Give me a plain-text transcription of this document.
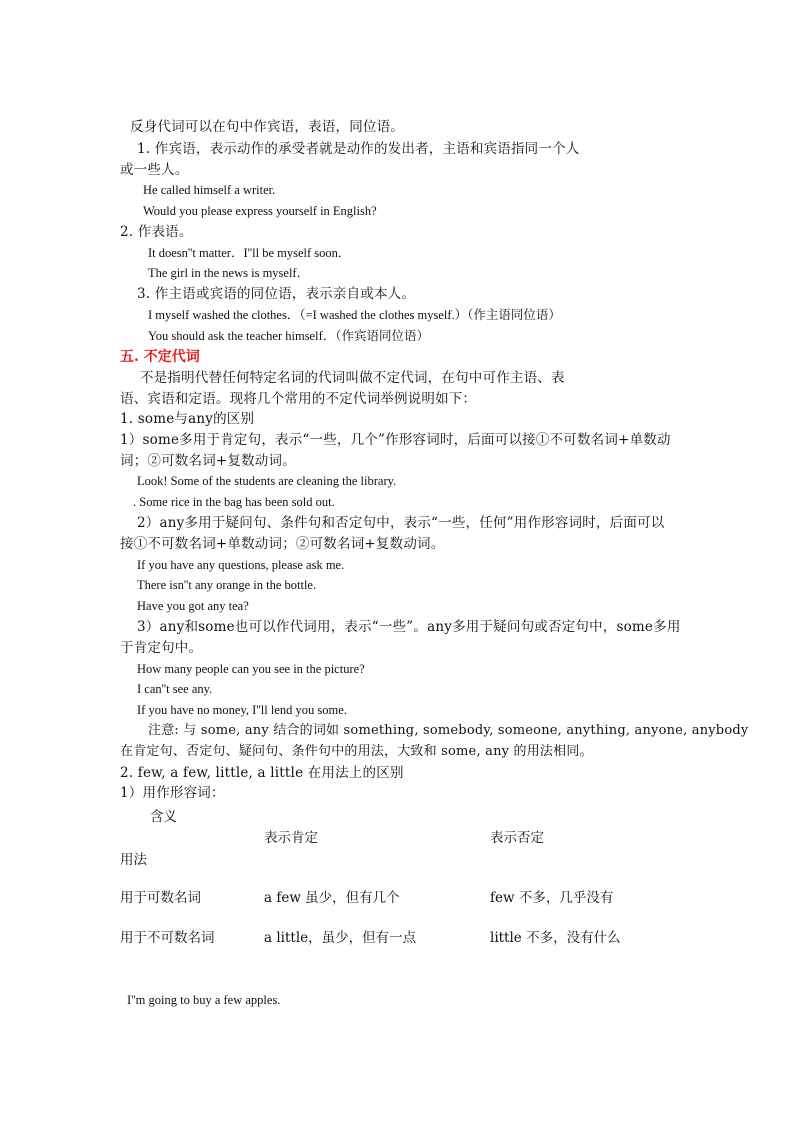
反身代词可以在句中作宾语，表语，同位语。
1. 作宾语，表示动作的承受者就是动作的发出者，主语和宾语指同一个人
或一些人。
He called himself a writer.
Would you please express yourself in English?
2. 作表语。
It doesn''t matter．I''ll be myself soon．
The girl in the news is myself．
3. 作主语或宾语的同位语，表示亲自或本人。
I myself washed the clothes．（=I washed the clothes myself.）（作主语同位语）
You should ask the teacher himself．（作宾语同位语）
五. 不定代词
不是指明代替任何特定名词的代词叫做不定代词，在句中可作主语、表
语、宾语和定语。现将几个常用的不定代词举例说明如下：
1. some与any的区别
1）some多用于肯定句，表示“一些，几个”作形容词时，后面可以接①不可数名词+单数动
词；②可数名词+复数动词。
Look! Some of the students are cleaning the library.
. Some rice in the bag has been sold out.
2）any多用于疑问句、条件句和否定句中，表示“一些，任何”用作形容词时，后面可以
接①不可数名词+单数动词；②可数名词+复数动词。
If you have any questions, please ask me.
There isn''t any orange in the bottle.
Have you got any tea?
3）any和some也可以作代词用，表示“一些”。any多用于疑问句或否定句中，some多用
于肯定句中。
How many people can you see in the picture?
I can''t see any.
If you have no money, I''ll lend you some.
注意: 与 some, any 结合的词如 something, somebody, someone, anything, anyone, anybody
在肯定句、否定句、疑问句、条件句中的用法，大致和 some, any 的用法相同。
2. few, a few, little, a little 在用法上的区别
1）用作形容词：
含义
表示肯定	表示否定
用法
用于可数名词	a few 虽少，但有几个	few 不多，几乎没有
用于不可数名词	a little，虽少，但有一点	little 不多，没有什么
I''m going to buy a few apples.
